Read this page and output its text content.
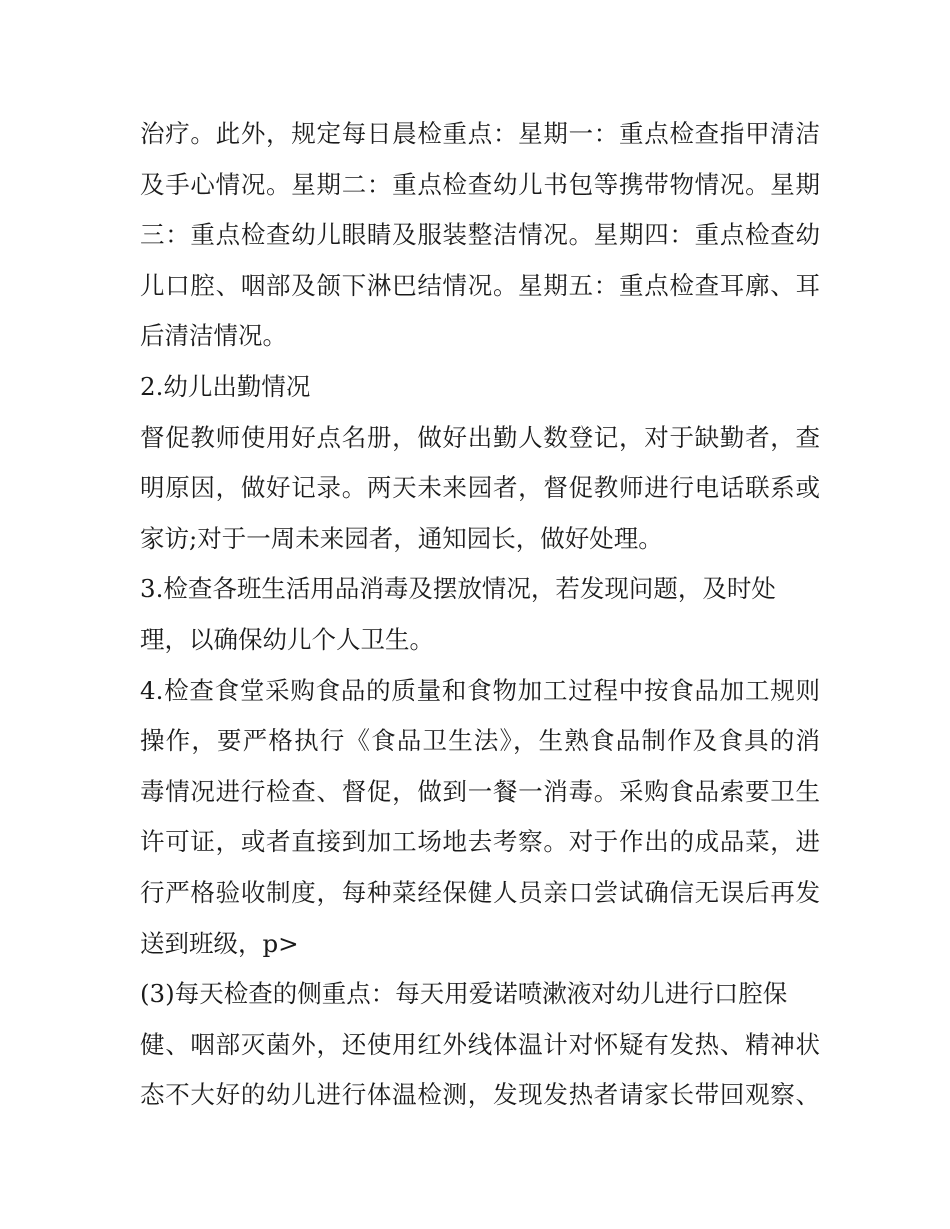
治疗。此外，规定每日晨检重点：星期一：重点检查指甲清洁
及手心情况。星期二：重点检查幼儿书包等携带物情况。星期
三：重点检查幼儿眼睛及服装整洁情况。星期四：重点检查幼
儿口腔、咽部及颌下淋巴结情况。星期五：重点检查耳廓、耳
后清洁情况。
2.幼儿出勤情况
督促教师使用好点名册，做好出勤人数登记，对于缺勤者，查
明原因，做好记录。两天未来园者，督促教师进行电话联系或
家访;对于一周未来园者，通知园长，做好处理。
3.检查各班生活用品消毒及摆放情况，若发现问题，及时处
理，以确保幼儿个人卫生。
4.检查食堂采购食品的质量和食物加工过程中按食品加工规则
操作，要严格执行《食品卫生法》，生熟食品制作及食具的消
毒情况进行检查、督促，做到一餐一消毒。采购食品索要卫生
许可证，或者直接到加工场地去考察。对于作出的成品菜，进
行严格验收制度，每种菜经保健人员亲口尝试确信无误后再发
送到班级，p>
(3)每天检查的侧重点：每天用爱诺喷漱液对幼儿进行口腔保
健、咽部灭菌外，还使用红外线体温计对怀疑有发热、精神状
态不大好的幼儿进行体温检测，发现发热者请家长带回观察、
